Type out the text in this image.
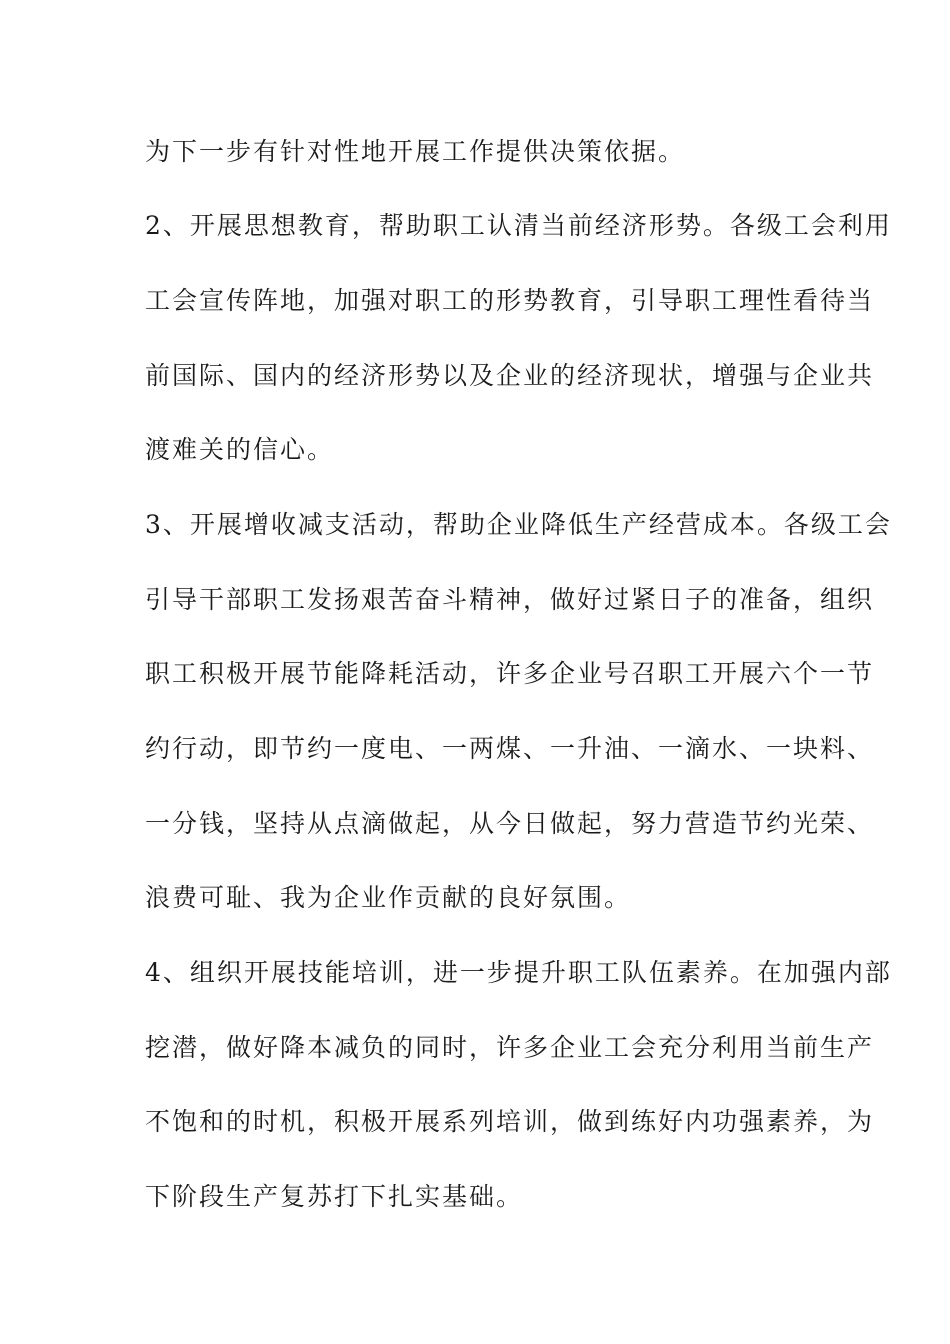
为下一步有针对性地开展工作提供决策依据。
2、开展思想教育，帮助职工认清当前经济形势。各级工会利用
工会宣传阵地，加强对职工的形势教育，引导职工理性看待当
前国际、国内的经济形势以及企业的经济现状，增强与企业共
渡难关的信心。
3、开展增收减支活动，帮助企业降低生产经营成本。各级工会
引导干部职工发扬艰苦奋斗精神，做好过紧日子的准备，组织
职工积极开展节能降耗活动，许多企业号召职工开展六个一节
约行动，即节约一度电、一两煤、一升油、一滴水、一块料、
一分钱，坚持从点滴做起，从今日做起，努力营造节约光荣、
浪费可耻、我为企业作贡献的良好氛围。
4、组织开展技能培训，进一步提升职工队伍素养。在加强内部
挖潜，做好降本减负的同时，许多企业工会充分利用当前生产
不饱和的时机，积极开展系列培训，做到练好内功强素养，为
下阶段生产复苏打下扎实基础。
